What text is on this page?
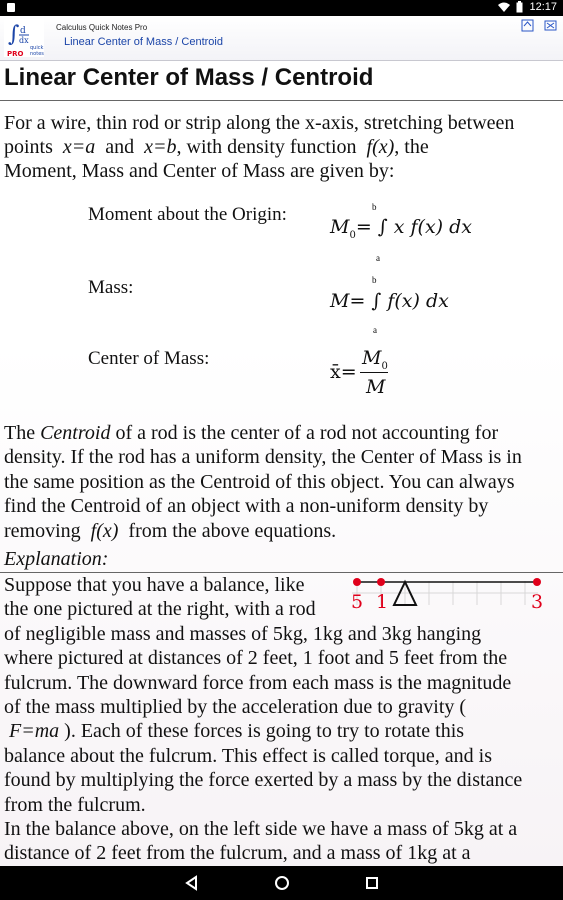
12:17
∫ d
dx
PRO
quick
notes
Calculus Quick Notes Pro
Linear Center of Mass / Centroid
Linear Center of Mass / Centroid

For a wire, thin rod or strip along the x-axis, stretching between
points x=a and x=b, with density function f(x), the
Moment, Mass and Center of Mass are given by:

Moment about the Origin:
$M_0=$ ∫ x f(x) dx
b
a
Mass:
M= ∫ f(x) dx
b
a
Center of Mass:
x̄=
$M_0$
M

The Centroid of a rod is the center of a rod not accounting for
density. If the rod has a uniform density, the Center of Mass is in
the same position as the Centroid of this object. You can always
find the Centroid of an object with a non-uniform density by
removing f(x) from the above equations.

Explanation:
5 1	3

Suppose that you have a balance, like
the one pictured at the right, with a rod
of negligible mass and masses of 5kg, 1kg and 3kg hanging
where pictured at distances of 2 feet, 1 foot and 5 feet from the
fulcrum. The downward force from each mass is the magnitude
of the mass multiplied by the acceleration due to gravity (
F=ma ). Each of these forces is going to try to rotate this
balance about the fulcrum. This effect is called torque, and is
found by multiplying the force exerted by a mass by the distance
from the fulcrum.
In the balance above, on the left side we have a mass of 5kg at a
distance of 2 feet from the fulcrum, and a mass of 1kg at a
